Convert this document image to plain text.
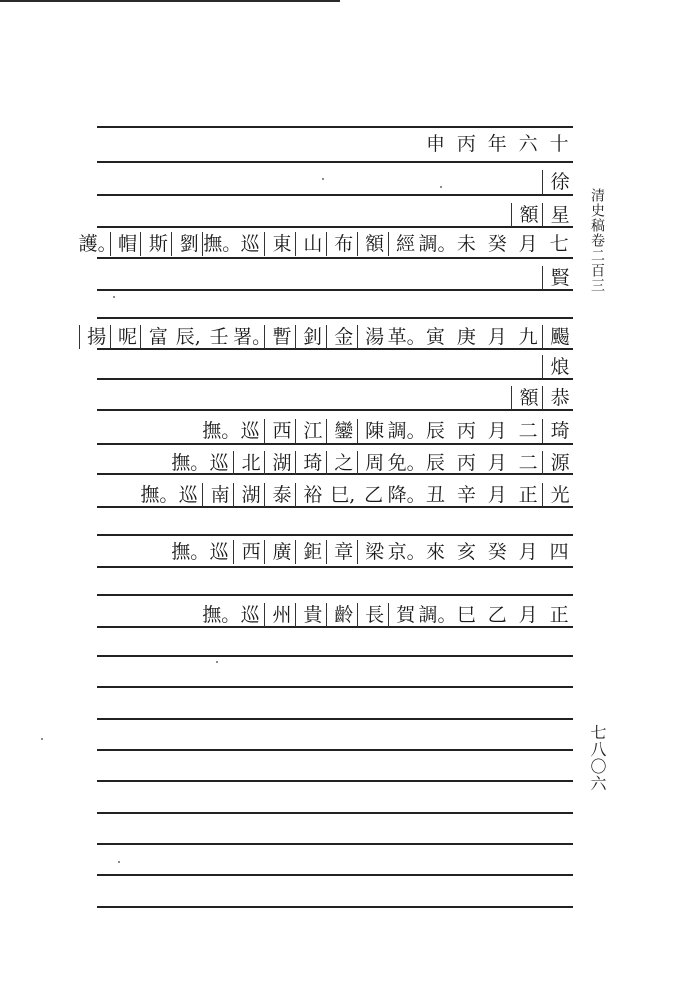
申 丙 年 六 十
徐
額 星
護。 帽 斯 劉 撫。 巡 東 山 布 額 經 調。 未 癸 月 七
賢
揚 呢 富 辰, 壬 署。 暫 釗 金 湯 革。 寅 庚 月 九 颺
烺
額 恭
撫。 巡 西 江 鑾 陳 調。 辰 丙 月 二 琦
撫。 巡 北 湖 琦 之 周 免。 辰 丙 月 二 源
撫。 巡 南 湖 泰 裕 巳, 乙 降。 丑 辛 月 正 光
撫。 巡 西 廣 鉅 章 梁 京。 來 亥 癸 月 四
撫。 巡 州 貴 齡 長 賀 調。 巳 乙 月 正
清史稿卷二百三
七八〇六
